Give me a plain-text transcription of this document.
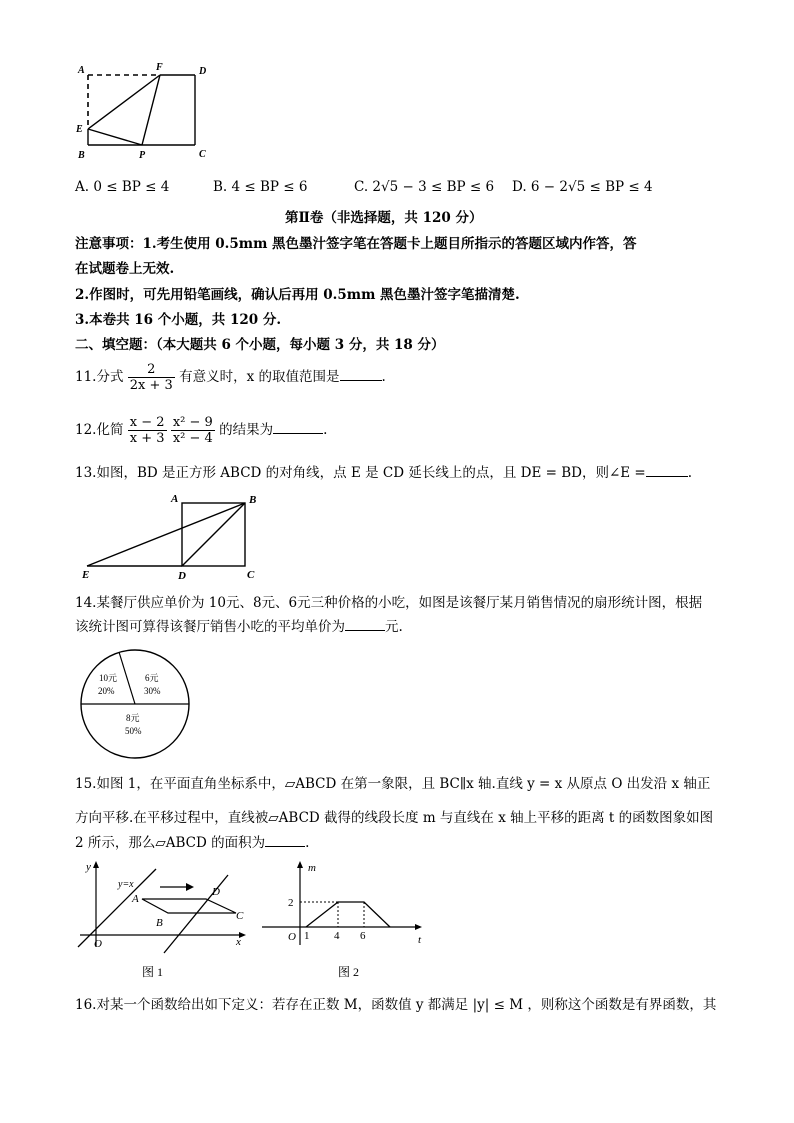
A	F	D
E
B	P	C
A. 0 ≤ BP ≤ 4	B. 4 ≤ BP ≤ 6	C. 2√5 − 3 ≤ BP ≤ 6 D. 6 − 2√5 ≤ BP ≤ 4
第Ⅱ卷（非选择题，共 120 分）
注意事项：1.考生使用 0.5mm 黑色墨汁签字笔在答题卡上题目所指示的答题区域内作答，答
在试题卷上无效.
2.作图时，可先用铅笔画线，确认后再用 0.5mm 黑色墨汁签字笔描清楚.
3.本卷共 16 个小题，共 120 分.
二、填空题：（本大题共 6 个小题，每小题 3 分，共 18 分）
11.分式 $\frac{2}{2x + 3}$ 有意义时，x 的取值范围是	.
12.化简 $\frac{x - 2}{x + 3}$
$\frac{\text{x² − 9}}{\text{x² − 4}}$ 的结果为	.
13.如图，BD 是正方形 ABCD 的对角线，点 E 是 CD 延长线上的点，且 DE = BD，则∠E =	.
A	B
E	D	C
14.某餐厅供应单价为 10元、8元、6元三种价格的小吃，如图是该餐厅某月销售情况的扇形统计图，根据
该统计图可算得该餐厅销售小吃的平均单价为	元.
10元
20%
6元
30%
8元
50%
15.如图 1，在平面直角坐标系中，▱ABCD 在第一象限，且 BC∥x 轴.直线 y = x 从原点 O 出发沿 x 轴正
方向平移.在平移过程中，直线被▱ABCD 截得的线段长度 m 与直线在 x 轴上平移的距离 t 的函数图象如图
2 所示，那么▱ABCD 的面积为	.
y
y=x
A
D
B
C
O	x
图 1
m
2
O 1 4 6	t
图 2
16.对某一个函数给出如下定义：若存在正数 M，函数值 y 都满足 |y| ≤ M ，则称这个函数是有界函数，其
